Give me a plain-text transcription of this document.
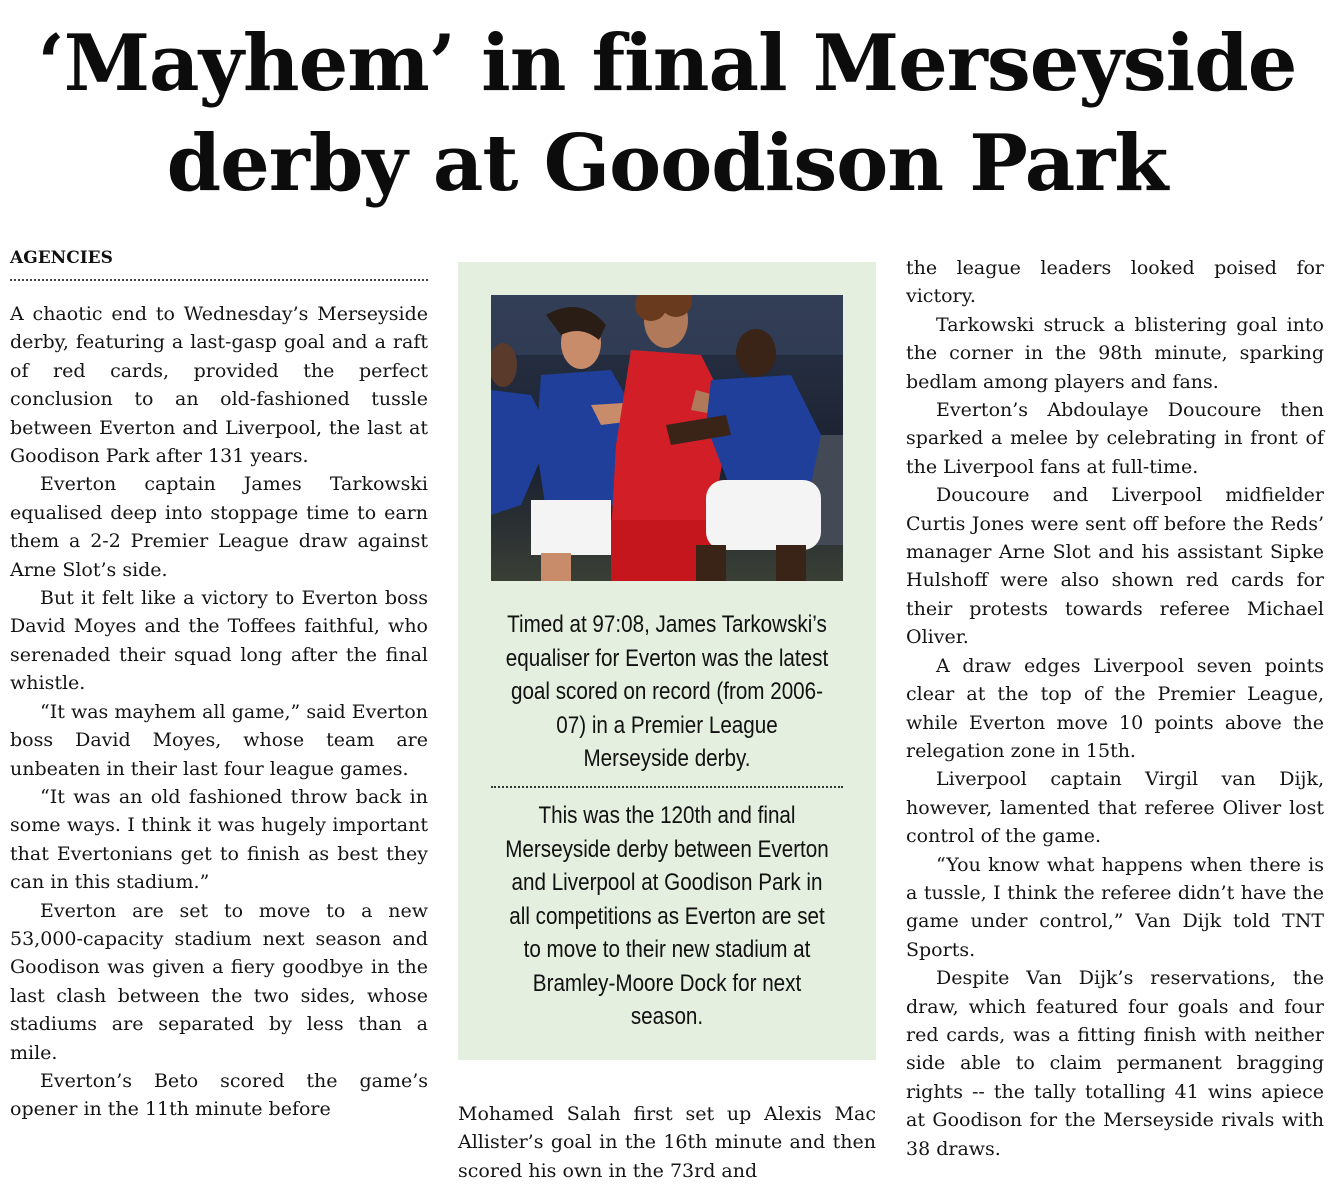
‘Mayhem’ in final Merseyside
derby at Goodison Park
AGENCIES

A chaotic end to Wednesday’s Merseyside derby, featuring a last-gasp goal and a raft of red cards, provided the perfect conclusion to an old-fashioned tussle between Everton and Liverpool, the last at Goodison Park after 131 years.

Everton captain James Tarkowski equalised deep into stoppage time to earn them a 2-2 Premier League draw against Arne Slot’s side.

But it felt like a victory to Everton boss David Moyes and the Toffees faithful, who serenaded their squad long after the final whistle.

“It was mayhem all game,” said Everton boss David Moyes, whose team are unbeaten in their last four league games.

“It was an old fashioned throw back in some ways. I think it was hugely important that Evertonians get to finish as best they can in this stadium.”

Everton are set to move to a new 53,000-capacity stadium next season and Goodison was given a fiery goodbye in the last clash between the two sides, whose stadiums are separated by less than a mile.

Everton’s Beto scored the game’s opener in the 11th minute before

Timed at 97:08, James Tarkowski’s equaliser for Everton was the latest goal scored on record (from 2006-07) in a Premier League Merseyside derby.
This was the 120th and final Merseyside derby between Everton and Liverpool at Goodison Park in all competitions as Everton are set to move to their new stadium at Bramley-Moore Dock for next season.

Mohamed Salah first set up Alexis Mac Allister’s goal in the 16th minute and then scored his own in the 73rd and

the league leaders looked poised for victory.

Tarkowski struck a blistering goal into the corner in the 98th minute, sparking bedlam among players and fans.

Everton’s Abdoulaye Doucoure then sparked a melee by celebrating in front of the Liverpool fans at full-time.

Doucoure and Liverpool midfielder Curtis Jones were sent off before the Reds’ manager Arne Slot and his assistant Sipke Hulshoff were also shown red cards for their protests towards referee Michael Oliver.

A draw edges Liverpool seven points clear at the top of the Premier League, while Everton move 10 points above the relegation zone in 15th.

Liverpool captain Virgil van Dijk, however, lamented that referee Oliver lost control of the game.

“You know what happens when there is a tussle, I think the referee didn’t have the game under control,” Van Dijk told TNT Sports.

Despite Van Dijk’s reservations, the draw, which featured four goals and four red cards, was a fitting finish with neither side able to claim permanent bragging rights -- the tally totalling 41 wins apiece at Goodison for the Merseyside rivals with 38 draws.
